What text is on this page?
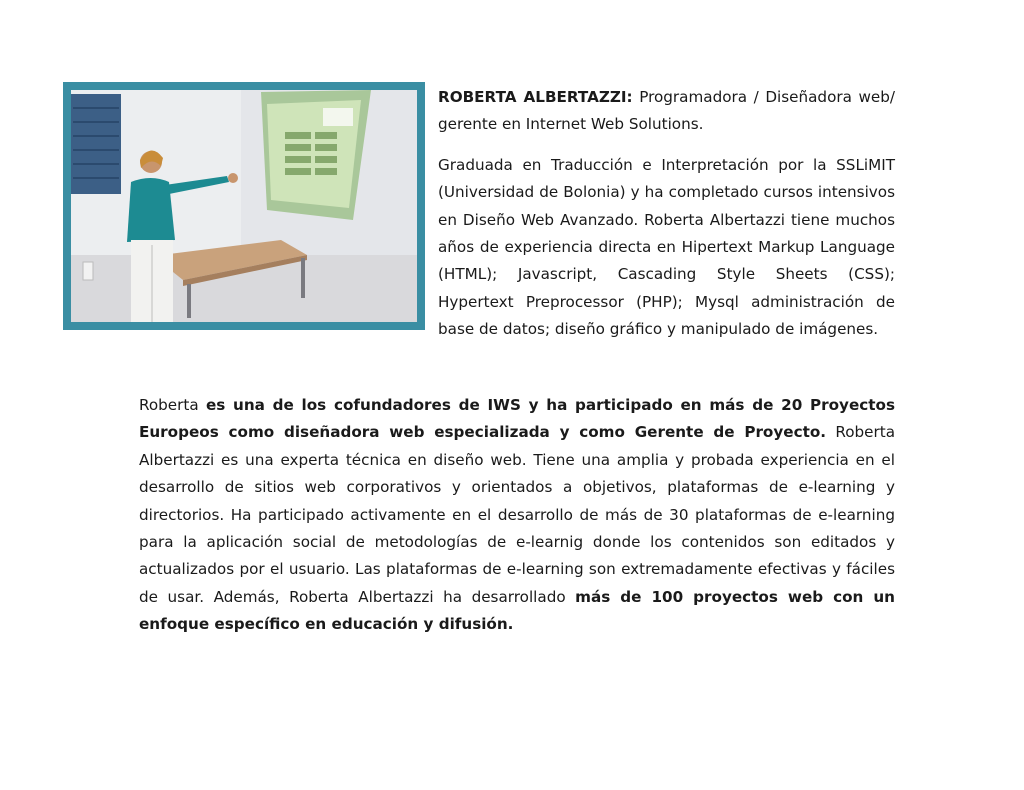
ROBERTA ALBERTAZZI: Programadora / Diseñadora web/ gerente en Internet Web Solutions.

Graduada en Traducción e Interpretación por la SSLiMIT (Universidad de Bolonia) y ha completado cursos intensivos en Diseño Web Avanzado. Roberta Albertazzi tiene muchos años de experiencia directa en Hipertext Markup Language (HTML); Javascript, Cascading Style Sheets (CSS); Hypertext Preprocessor (PHP); Mysql administración de base de datos; diseño gráfico y manipulado de imágenes.

Roberta es una de los cofundadores de IWS y ha participado en más de 20 Proyectos Europeos como diseñadora web especializada y como Gerente de Proyecto. Roberta Albertazzi es una experta técnica en diseño web. Tiene una amplia y probada experiencia en el desarrollo de sitios web corporativos y orientados a objetivos, plataformas de e-learning y directorios. Ha participado activamente en el desarrollo de más de 30 plataformas de e-learning para la aplicación social de metodologías de e-learnig donde los contenidos son editados y actualizados por el usuario. Las plataformas de e-learning son extremadamente efectivas y fáciles de usar. Además, Roberta Albertazzi ha desarrollado más de 100 proyectos web con un enfoque específico en educación y difusión.
